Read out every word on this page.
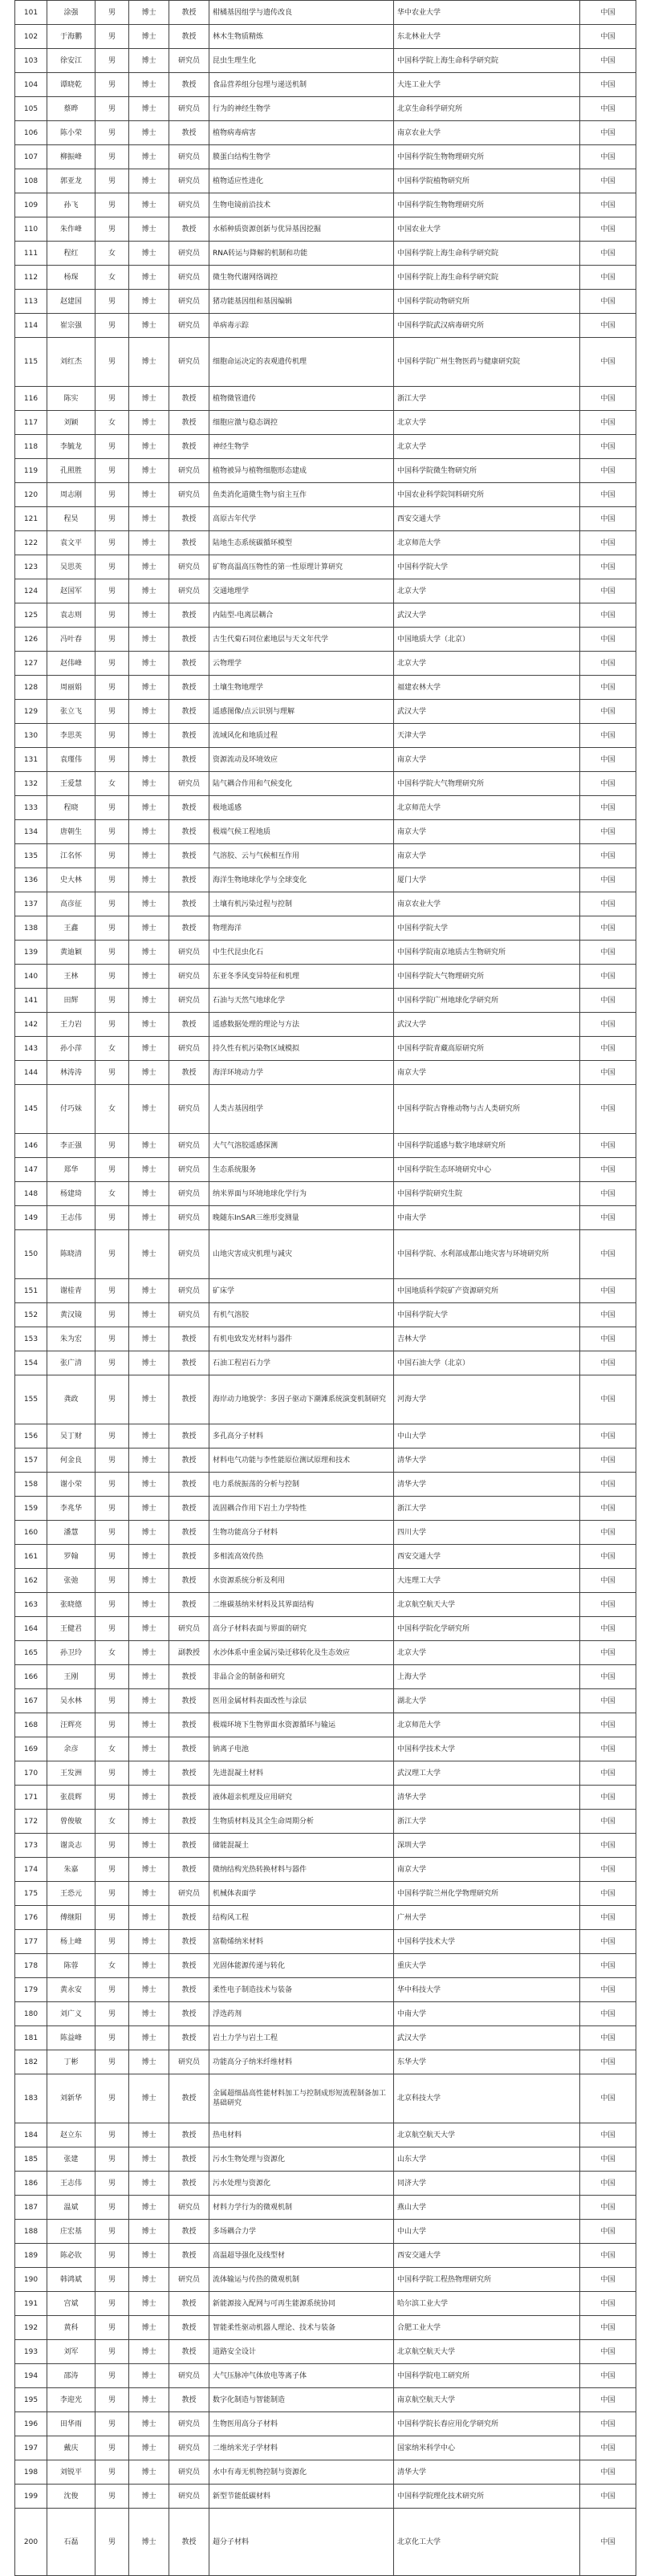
101	涂强	男	博士	教授	柑橘基因组学与遗传改良	华中农业大学	中国
102	于海鹏	男	博士	教授	林木生物质精炼	东北林业大学	中国
103	徐安江	男	博士	研究员	昆虫生理生化	中国科学院上海生命科学研究院	中国
104	谭晓乾	男	博士	教授	食品营养组分包埋与递送机制	大连工业大学	中国
105	蔡晔	男	博士	研究员	行为的神经生物学	北京生命科学研究所	中国
106	陈小荣	男	博士	教授	植物病毒病害	南京农业大学	中国
107	柳振峰	男	博士	研究员	膜蛋白结构生物学	中国科学院生物物理研究所	中国
108	郭亚龙	男	博士	研究员	植物适应性进化	中国科学院植物研究所	中国
109	孙飞	男	博士	研究员	生物电镜前沿技术	中国科学院生物物理研究所	中国
110	朱作峰	男	博士	教授	水稻种质资源创新与优异基因挖掘	中国农业大学	中国
111	程红	女	博士	研究员	RNA转运与降解的机制和功能	中国科学院上海生命科学研究院	中国
112	杨琛	女	博士	研究员	微生物代谢网络调控	中国科学院上海生命科学研究院	中国
113	赵建国	男	博士	研究员	猪功能基因组和基因编辑	中国科学院动物研究所	中国
114	崔宗强	男	博士	研究员	单病毒示踪	中国科学院武汉病毒研究所	中国
115	刘红杰	男	博士	研究员	细胞命运决定的表观遗传机理	中国科学院广州生物医药与健康研究院	中国
116	陈实	男	博士	教授	植物微管遗传	浙江大学	中国
117	刘颖	女	博士	教授	细胞应激与稳态调控	北京大学	中国
118	李毓龙	男	博士	教授	神经生物学	北京大学	中国
119	孔照胜	男	博士	研究员	植物被异与植物细胞形态建成	中国科学院微生物研究所	中国
120	周志刚	男	博士	研究员	鱼类消化道微生物与宿主互作	中国农业科学院饲料研究所	中国
121	程昊	男	博士	教授	高原古年代学	西安交通大学	中国
122	袁文平	男	博士	教授	陆地生态系统碳循环模型	北京师范大学	中国
123	吴思英	男	博士	研究员	矿物高温高压物性的第一性原理计算研究	中国科学院大学	中国
124	赵国军	男	博士	研究员	交通地理学	北京大学	中国
125	袁志则	男	博士	教授	内陆型-电离层耦合	武汉大学	中国
126	冯叶春	男	博士	教授	古生代菊石同位素地层与天文年代学	中国地质大学（北京）	中国
127	赵伟峰	男	博士	教授	云物理学	北京大学	中国
128	周丽娟	男	博士	教授	土壤生物地理学	福建农林大学	中国
129	张立飞	男	博士	教授	遥感图像/点云识别与理解	武汉大学	中国
130	李思英	男	博士	教授	流域风化和地质过程	天津大学	中国
131	袁瑾伟	男	博士	教授	资源流动及环境效应	南京大学	中国
132	王爱慧	女	博士	研究员	陆气耦合作用和气候变化	中国科学院大气物理研究所	中国
133	程晓	男	博士	教授	极地遥感	北京师范大学	中国
134	唐朝生	男	博士	教授	极端气候工程地质	南京大学	中国
135	江名怀	男	博士	教授	气溶胶、云与气候相互作用	南京大学	中国
136	史大林	男	博士	教授	海洋生物地球化学与全球变化	厦门大学	中国
137	高彦征	男	博士	教授	土壤有机污染过程与控制	南京农业大学	中国
138	王鑫	男	博士	教授	物理海洋	中国科学院大学	中国
139	黄迪颖	男	博士	研究员	中生代昆虫化石	中国科学院南京地质古生物研究所	中国
140	王林	男	博士	研究员	东亚冬季风变异特征和机理	中国科学院大气物理研究所	中国
141	田辉	男	博士	研究员	石油与天然气地球化学	中国科学院广州地球化学研究所	中国
142	王力岩	男	博士	教授	遥感数据处理的理论与方法	武汉大学	中国
143	孙小萍	女	博士	研究员	持久性有机污染物区域模拟	中国科学院青藏高原研究所	中国
144	林涛涛	男	博士	教授	海洋环境动力学	南京大学	中国
145	付巧妹	女	博士	研究员	人类古基因组学	中国科学院古脊椎动物与古人类研究所	中国
146	李正强	男	博士	研究员	大气气溶胶遥感探测	中国科学院遥感与数字地球研究所	中国
147	郑华	男	博士	研究员	生态系统服务	中国科学院生态环境研究中心	中国
148	杨建琦	女	博士	研究员	纳米界面与环境地球化学行为	中国科学院研究生院	中国
149	王志伟	男	博士	研究员	晚随东InSAR三维形变测量	中南大学	中国
150	陈晓清	男	博士	研究员	山地灾害成灾机理与减灾	中国科学院、水利部成都山地灾害与环境研究所	中国
151	谢桂青	男	博士	研究员	矿床学	中国地质科学院矿产资源研究所	中国
152	黄汉镜	男	博士	研究员	有机气溶胶	中国科学院大学	中国
153	朱为宏	男	博士	教授	有机电致发光材料与器件	吉林大学	中国
154	张广清	男	博士	教授	石油工程岩石力学	中国石油大学（北京）	中国
155	龚政	男	博士	教授	海岸动力地貌学：多因子驱动下潮滩系统演变机制研究	河海大学	中国
156	吴丁财	男	博士	教授	多孔高分子材料	中山大学	中国
157	何金良	男	博士	教授	材料电气功能与李性能原位测试原理和技术	清华大学	中国
158	谢小荣	男	博士	教授	电力系统振荡的分析与控制	清华大学	中国
159	李兆华	男	博士	教授	流固耦合作用下岩土力学特性	浙江大学	中国
160	潘慧	男	博士	教授	生物功能高分子材料	四川大学	中国
161	罗翰	男	博士	教授	多相流高效传热	西安交通大学	中国
162	张弛	男	博士	教授	水资源系统分析及利用	大连理工大学	中国
163	张晓德	男	博士	教授	二维碳基纳米材料及其界面结构	北京航空航天大学	中国
164	王健君	男	博士	研究员	高分子材料表面与界面的研究	中国科学院化学研究所	中国
165	孙卫玲	女	博士	副教授	水沙体系中重金属污染迁移转化及生态效应	北京大学	中国
166	王刚	男	博士	教授	非晶合金的制备和研究	上海大学	中国
167	吴水林	男	博士	教授	医用金属材料表面改性与涂层	湖北大学	中国
168	汪辉亮	男	博士	教授	极端环境下生物界面水资源循环与输运	北京师范大学	中国
169	余彦	女	博士	教授	钠离子电池	中国科学技术大学	中国
170	王发洲	男	博士	教授	先进混凝土材料	武汉理工大学	中国
171	张晨辉	男	博士	教授	液体超亲机理及应用研究	清华大学	中国
172	曾俊敏	女	博士	教授	生物质材料及其全生命周期分析	浙江大学	中国
173	谢炎志	男	博士	教授	储能混凝土	深圳大学	中国
174	朱嘉	男	博士	教授	微纳结构光热转换材料与器件	南京大学	中国
175	王恐元	男	博士	研究员	机械体表面学	中国科学院兰州化学物理研究所	中国
176	傅继阳	男	博士	教授	结构风工程	广州大学	中国
177	杨上峰	男	博士	教授	富勒烯纳米材料	中国科学技术大学	中国
178	陈蓉	女	博士	教授	光固体能源传递与转化	重庆大学	中国
179	黄永安	男	博士	教授	柔性电子制造技术与装备	华中科技大学	中国
180	刘广义	男	博士	教授	浮选药剂	中南大学	中国
181	陈益峰	男	博士	教授	岩土力学与岩土工程	武汉大学	中国
182	丁彬	男	博士	研究员	功能高分子纳米纤维材料	东华大学	中国
183	刘新华	男	博士	教授	金属超细晶高性能材料加工与控制成形短流程制备加工基础研究	北京科技大学	中国
184	赵立东	男	博士	教授	热电材料	北京航空航天大学	中国
185	张建	男	博士	教授	污水生物处理与资源化	山东大学	中国
186	王志伟	男	博士	教授	污水处理与资源化	同济大学	中国
187	温斌	男	博士	研究员	材料力学行为的微观机制	燕山大学	中国
188	庄宏基	男	博士	教授	多场耦合力学	中山大学	中国
189	陈必钦	男	博士	教授	高温超导强化及线型材	西安交通大学	中国
190	韩鸿斌	男	博士	研究员	流体输运与传热的微观机制	中国科学院工程热物理研究所	中国
191	宫斌	男	博士	教授	新能源接入配网与可再生能源系统协同	哈尔滨工业大学	中国
192	黄科	男	博士	教授	智能柔性驱动机器人理论、技术与装备	合肥工业大学	中国
193	刘军	男	博士	教授	道路安全设计	北京航空航天大学	中国
194	邵涛	男	博士	研究员	大气压脉冲气体放电等离子体	中国科学院电工研究所	中国
195	李迎光	男	博士	教授	数字化制造与智能制造	南京航空航天大学	中国
196	田华雨	男	博士	研究员	生物医用高分子材料	中国科学院长春应用化学研究所	中国
197	戴庆	男	博士	研究员	二维纳米光子学材料	国家纳米科学中心	中国
198	刘锐平	男	博士	研究员	水中有毒无机物控制与资源化	清华大学	中国
199	沈俊	男	博士	研究员	新型节能低碳材料	中国科学院理化技术研究所	中国
200	石磊	男	博士	教授	超分子材料	北京化工大学	中国
